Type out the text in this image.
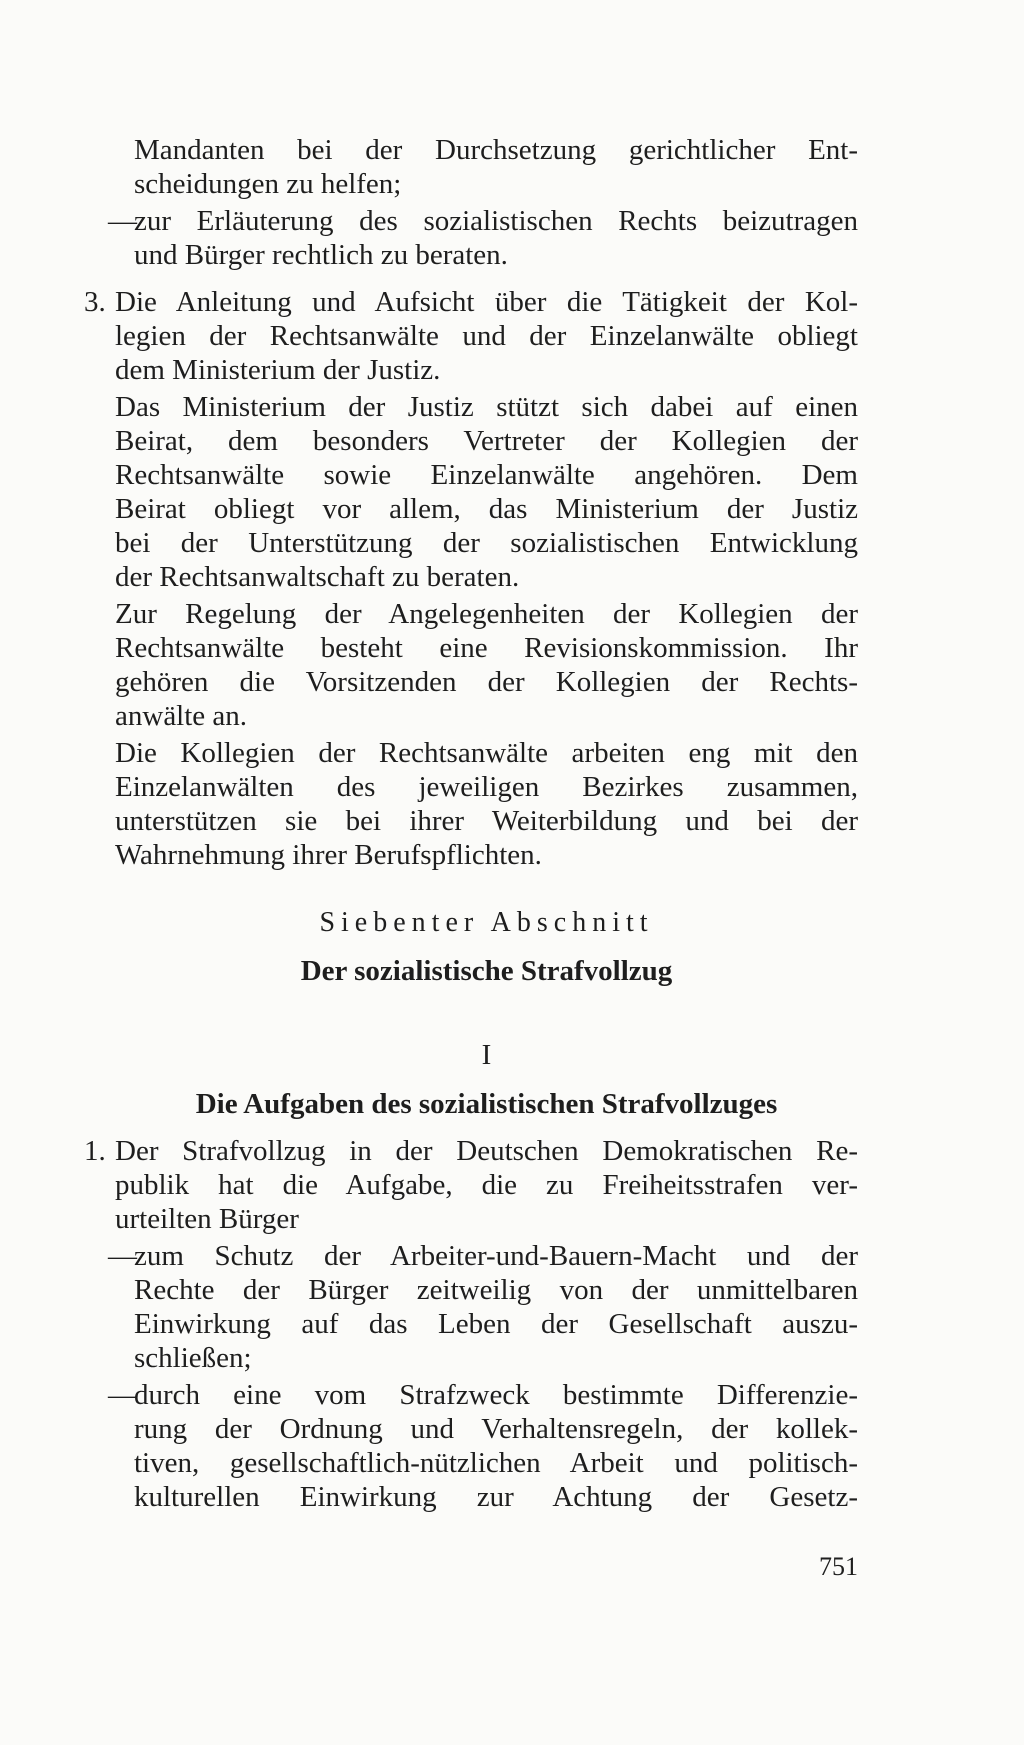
Mandanten bei der Durchsetzung gerichtlicher Ent-
scheidungen zu helfen;
—
zur Erläuterung des sozialistischen Rechts beizutragen
und Bürger rechtlich zu beraten.
3. Die Anleitung und Aufsicht über die Tätigkeit der Kol-
legien der Rechtsanwälte und der Einzelanwälte obliegt
dem Ministerium der Justiz.
Das Ministerium der Justiz stützt sich dabei auf einen
Beirat, dem besonders Vertreter der Kollegien der
Rechtsanwälte sowie Einzelanwälte angehören. Dem
Beirat obliegt vor allem, das Ministerium der Justiz
bei der Unterstützung der sozialistischen Entwicklung
der Rechtsanwaltschaft zu beraten.
Zur Regelung der Angelegenheiten der Kollegien der
Rechtsanwälte besteht eine Revisionskommission. Ihr
gehören die Vorsitzenden der Kollegien der Rechts-
anwälte an.
Die Kollegien der Rechtsanwälte arbeiten eng mit den
Einzelanwälten des jeweiligen Bezirkes zusammen,
unterstützen sie bei ihrer Weiterbildung und bei der
Wahrnehmung ihrer Berufspflichten.
Siebenter Abschnitt
Der sozialistische Strafvollzug
I
Die Aufgaben des sozialistischen Strafvollzuges
1. Der Strafvollzug in der Deutschen Demokratischen Re-
publik hat die Aufgabe, die zu Freiheitsstrafen ver-
urteilten Bürger
—
zum Schutz der Arbeiter-und-Bauern-Macht und der
Rechte der Bürger zeitweilig von der unmittelbaren
Einwirkung auf das Leben der Gesellschaft auszu-
schließen;
—
durch eine vom Strafzweck bestimmte Differenzie-
rung der Ordnung und Verhaltensregeln, der kollek-
tiven, gesellschaftlich-nützlichen Arbeit und politisch-
kulturellen Einwirkung zur Achtung der Gesetz-
751
